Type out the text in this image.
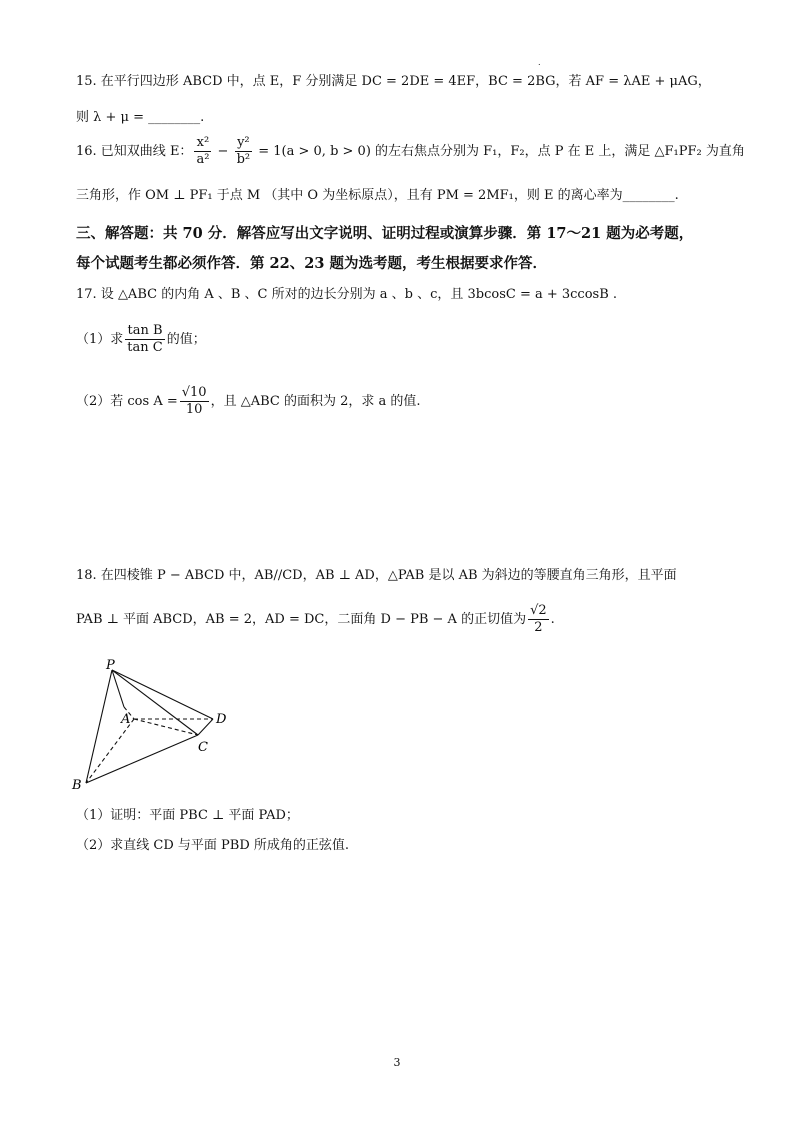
.
15. 在平行四边形 ABCD 中，点 E，F 分别满足 DC = 2DE = 4EF，BC = 2BG，若 AF = λAE + μAG，
则 λ + μ = ________.
16. 已知双曲线 E： $\frac{\text{x²}}{\text{a²}} - \frac{\text{y²}}{\text{b²}} = 1(a > 0$, b > 0) 的左右焦点分别为 F₁，F₂，点 P 在 E 上，满足 △F₁PF₂ 为直角
三角形，作 OM ⊥ PF₁ 于点 M （其中 O 为坐标原点），且有 PM = 2MF₁，则 E 的离心率为________.
三、解答题：共 70 分．解答应写出文字说明、证明过程或演算步骤．第 17～21 题为必考题，
每个试题考生都必须作答．第 22、23 题为选考题，考生根据要求作答．
17. 设 △ABC 的内角 A 、B 、C 所对的边长分别为 a 、b 、c，且 3bcosC = a + 3ccosB .
（1）求 $\frac{\text{tan B}}{\text{tan C}}$ 的值；
（2）若 $\cos A = \frac{√10}{10}$ ，且 △ABC 的面积为 2，求 a 的值.
18. 在四棱锥 P − ABCD 中，AB//CD，AB ⊥ AD，△PAB 是以 AB 为斜边的等腰直角三角形，且平面
PAB ⊥ 平面 ABCD，AB = 2，AD = DC，二面角 D − PB − A 的正切值为 $\frac{√2}{2}$ .
P
A	D
C
B
（1）证明：平面 PBC ⊥ 平面 PAD；
（2）求直线 CD 与平面 PBD 所成角的正弦值.
3
